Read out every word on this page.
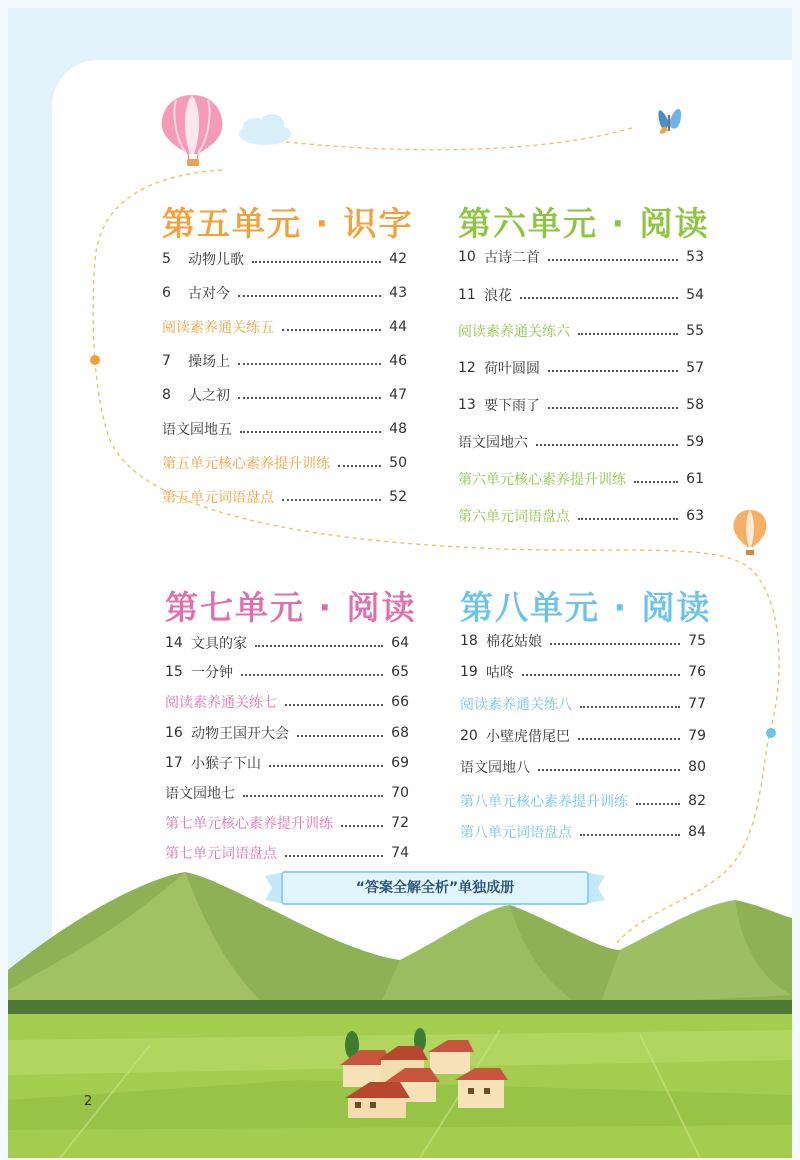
“答案全解全析”单独成册
第五单元 · 识字
5	动物儿歌	42
6	古对今	43
阅读素养通关练五	44
7	操场上	46
8	人之初	47
语文园地五	48
第五单元核心素养提升训练	50
第五单元词语盘点	52
第六单元 · 阅读
10 古诗二首	53
11 浪花	54
阅读素养通关练六	55
12 荷叶圆圆	57
13 要下雨了	58
语文园地六	59
第六单元核心素养提升训练	61
第六单元词语盘点	63
第七单元 · 阅读
14 文具的家	64
15 一分钟	65
阅读素养通关练七	66
16 动物王国开大会	68
17 小猴子下山	69
语文园地七	70
第七单元核心素养提升训练	72
第七单元词语盘点	74
第八单元 · 阅读
18 棉花姑娘	75
19 咕咚	76
阅读素养通关练八	77
20 小壁虎借尾巴	79
语文园地八	80
第八单元核心素养提升训练	82
第八单元词语盘点	84
2
